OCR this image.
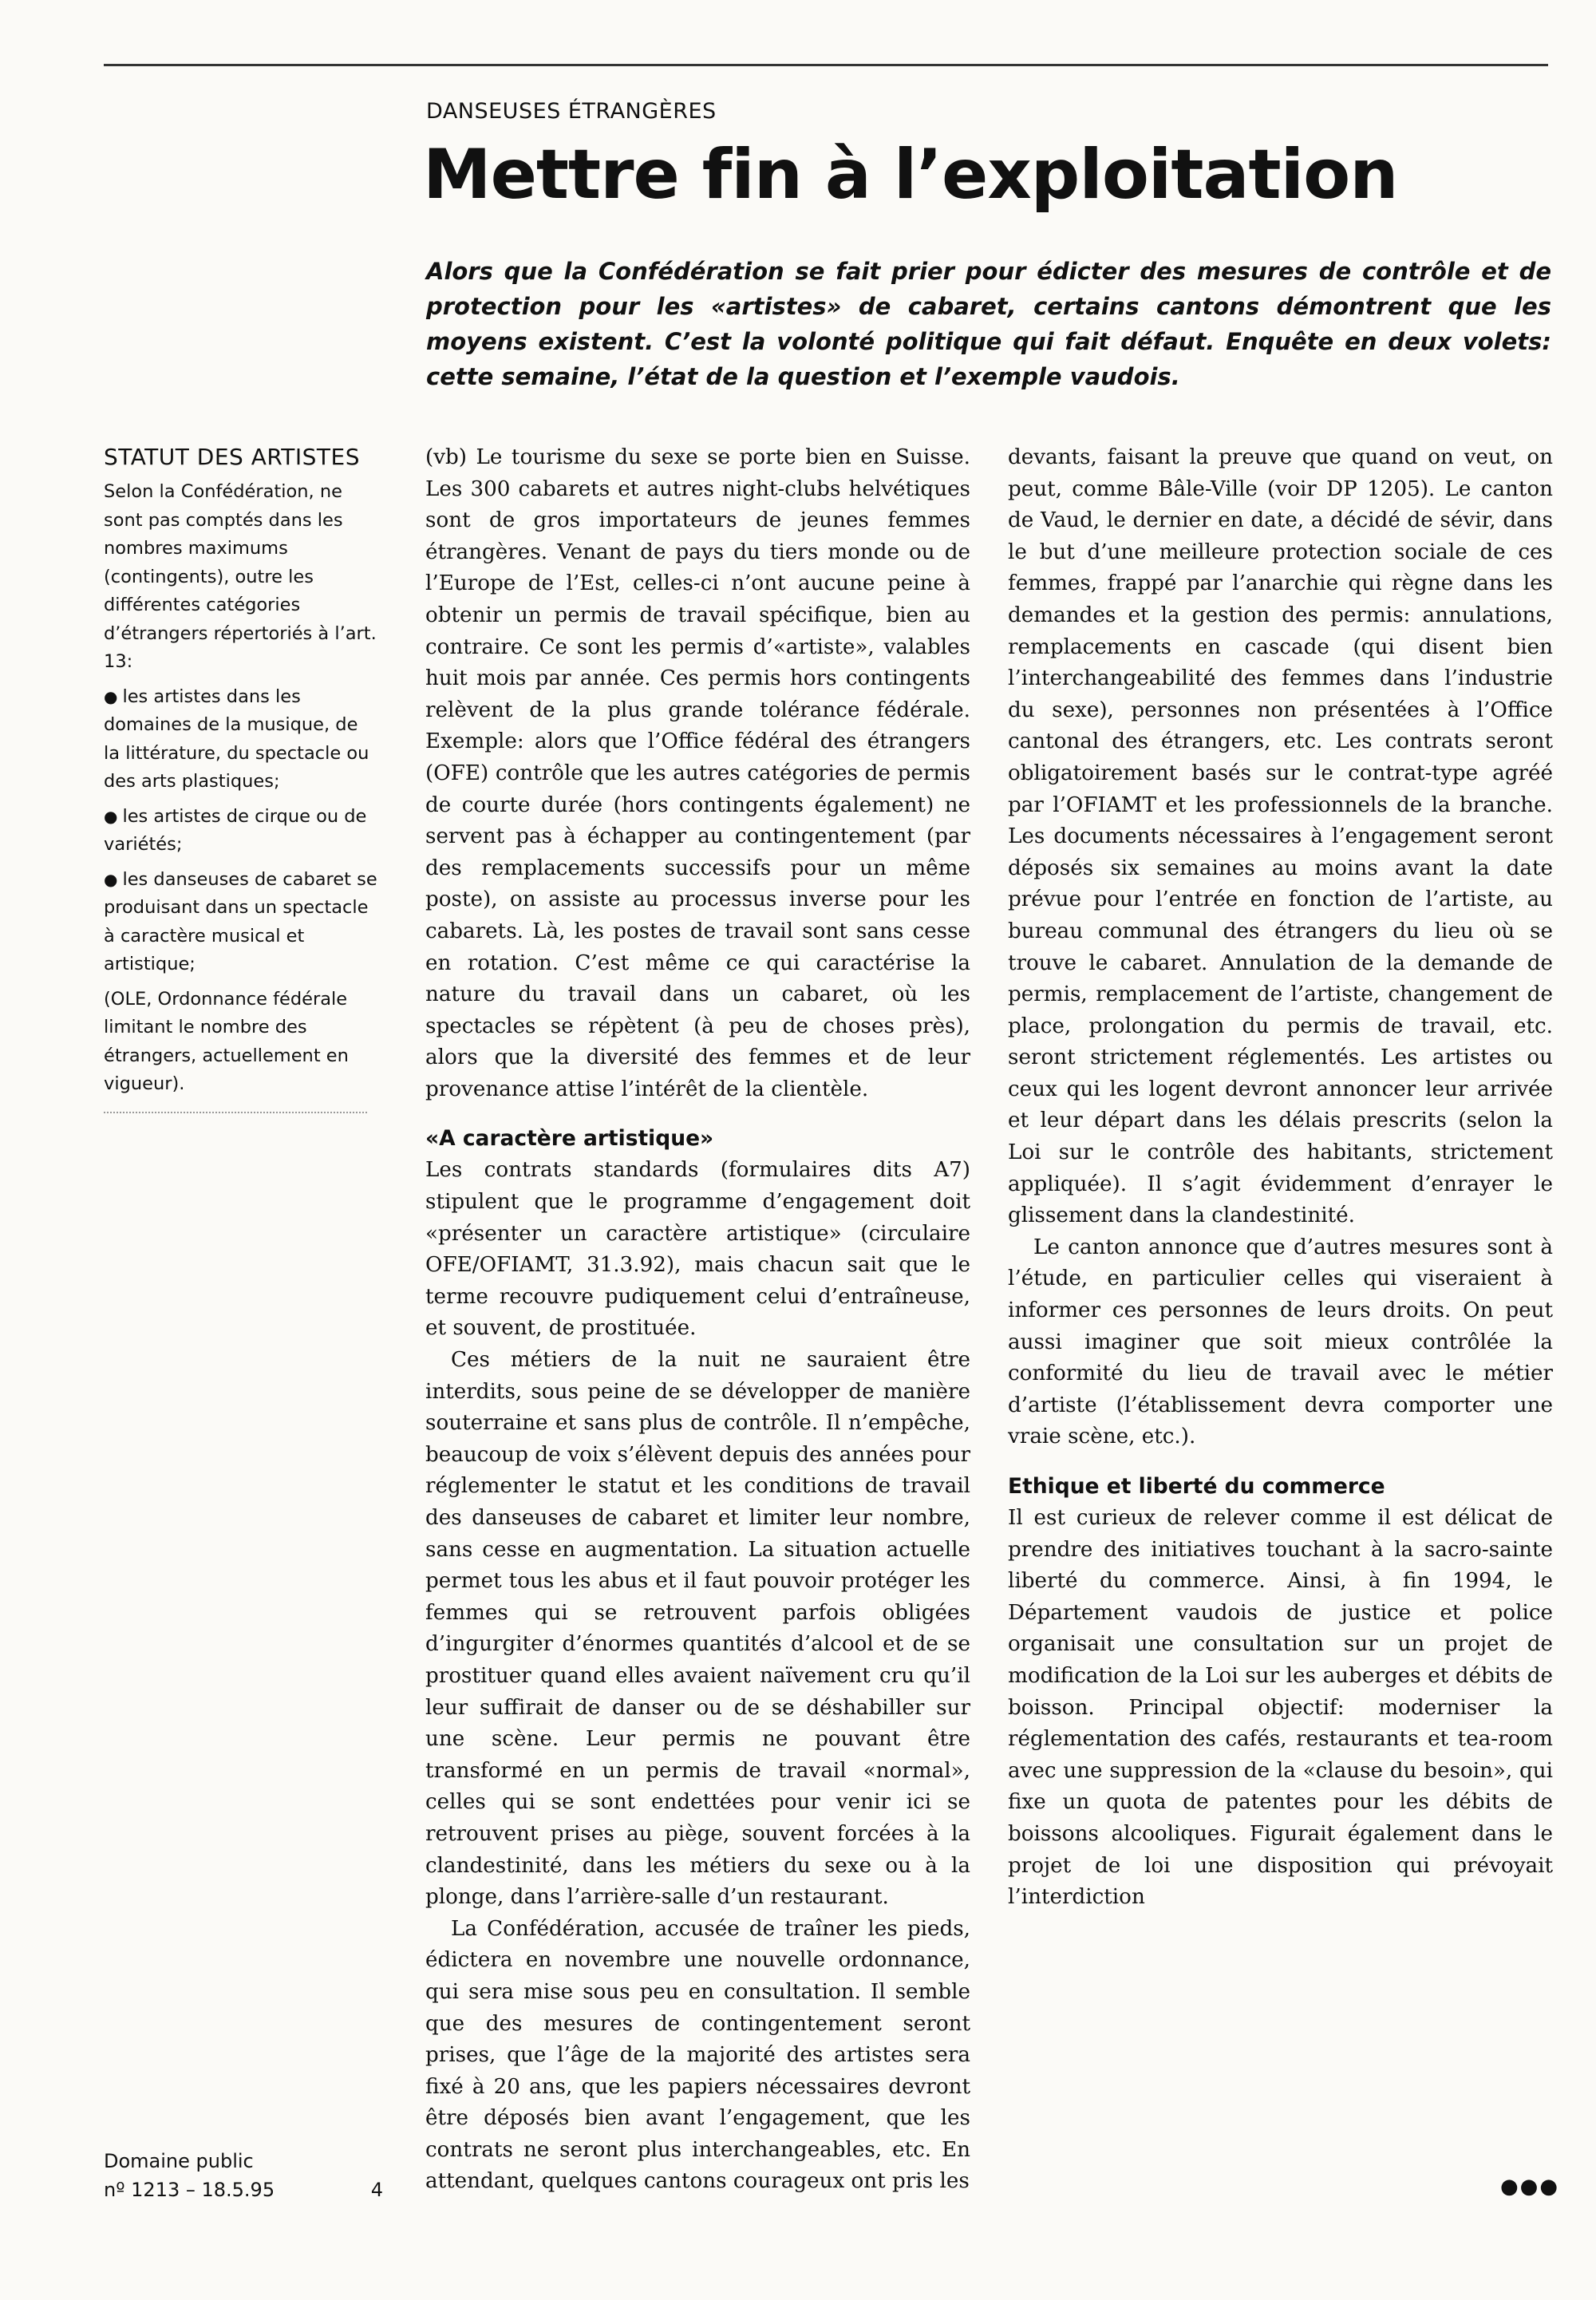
DANSEUSES ÉTRANGÈRES
Mettre fin à l’exploitation

Alors que la Confédération se fait prier pour édicter des mesures de contrôle et de protection pour les «artistes» de cabaret, certains cantons démontrent que les moyens existent. C’est la volonté politique qui fait défaut. Enquête en deux volets: cette semaine, l’état de la question et l’exemple vaudois.

STATUT DES ARTISTES

Selon la Confédération, ne sont pas comptés dans les nombres maximums (contingents), outre les différentes catégories d’étrangers répertoriés à l’art. 13:

● les artistes dans les domaines de la musique, de la littérature, du spectacle ou des arts plastiques;
● les artistes de cirque ou de variétés;
● les danseuses de cabaret se produisant dans un spectacle à caractère musical et artistique;

(OLE, Ordonnance fédérale limitant le nombre des étrangers, actuellement en vigueur).

Domaine public
nº 1213 – 18.5.95	4

(vb) Le tourisme du sexe se porte bien en Suisse. Les 300 cabarets et autres night-clubs helvétiques sont de gros importateurs de jeunes femmes étrangères. Venant de pays du tiers monde ou de l’Europe de l’Est, celles-ci n’ont aucune peine à obtenir un permis de travail spécifique, bien au contraire. Ce sont les permis d’«artiste», valables huit mois par année. Ces permis hors contingents relèvent de la plus grande tolérance fédérale. Exemple: alors que l’Office fédéral des étrangers (OFE) contrôle que les autres catégories de permis de courte durée (hors contingents également) ne servent pas à échapper au contingentement (par des remplacements successifs pour un même poste), on assiste au processus inverse pour les cabarets. Là, les postes de travail sont sans cesse en rotation. C’est même ce qui caractérise la nature du travail dans un cabaret, où les spectacles se répètent (à peu de choses près), alors que la diversité des femmes et de leur provenance attise l’intérêt de la clientèle.

«A caractère artistique»

Les contrats standards (formulaires dits A7) stipulent que le programme d’engagement doit «présenter un caractère artistique» (circulaire OFE/OFIAMT, 31.3.92), mais chacun sait que le terme recouvre pudiquement celui d’entraîneuse, et souvent, de prostituée.

Ces métiers de la nuit ne sauraient être interdits, sous peine de se développer de manière souterraine et sans plus de contrôle. Il n’empêche, beaucoup de voix s’élèvent depuis des années pour réglementer le statut et les conditions de travail des danseuses de cabaret et limiter leur nombre, sans cesse en augmentation. La situation actuelle permet tous les abus et il faut pouvoir protéger les femmes qui se retrouvent parfois obligées d’ingurgiter d’énormes quantités d’alcool et de se prostituer quand elles avaient naïvement cru qu’il leur suffirait de danser ou de se déshabiller sur une scène. Leur permis ne pouvant être transformé en un permis de travail «normal», celles qui se sont endettées pour venir ici se retrouvent prises au piège, souvent forcées à la clandestinité, dans les métiers du sexe ou à la plonge, dans l’arrière-salle d’un restaurant.

La Confédération, accusée de traîner les pieds, édictera en novembre une nouvelle ordonnance, qui sera mise sous peu en consultation. Il semble que des mesures de contingentement seront prises, que l’âge de la majorité des artistes sera fixé à 20 ans, que les papiers nécessaires devront être déposés bien avant l’engagement, que les contrats ne seront plus interchangeables, etc. En attendant, quelques cantons courageux ont pris les

devants, faisant la preuve que quand on veut, on peut, comme Bâle-Ville (voir DP 1205). Le canton de Vaud, le dernier en date, a décidé de sévir, dans le but d’une meilleure protection sociale de ces femmes, frappé par l’anarchie qui règne dans les demandes et la gestion des permis: annulations, remplacements en cascade (qui disent bien l’interchangeabilité des femmes dans l’industrie du sexe), personnes non présentées à l’Office cantonal des étrangers, etc. Les contrats seront obligatoirement basés sur le contrat-type agréé par l’OFIAMT et les professionnels de la branche. Les documents nécessaires à l’engagement seront déposés six semaines au moins avant la date prévue pour l’entrée en fonction de l’artiste, au bureau communal des étrangers du lieu où se trouve le cabaret. Annulation de la demande de permis, remplacement de l’artiste, changement de place, prolongation du permis de travail, etc. seront strictement réglementés. Les artistes ou ceux qui les logent devront annoncer leur arrivée et leur départ dans les délais prescrits (selon la Loi sur le contrôle des habitants, strictement appliquée). Il s’agit évidemment d’enrayer le glissement dans la clandestinité.

Le canton annonce que d’autres mesures sont à l’étude, en particulier celles qui viseraient à informer ces personnes de leurs droits. On peut aussi imaginer que soit mieux contrôlée la conformité du lieu de travail avec le métier d’artiste (l’établissement devra comporter une vraie scène, etc.).

Ethique et liberté du commerce

Il est curieux de relever comme il est délicat de prendre des initiatives touchant à la sacro-sainte liberté du commerce. Ainsi, à fin 1994, le Département vaudois de justice et police organisait une consultation sur un projet de modification de la Loi sur les auberges et débits de boisson. Principal objectif: moderniser la réglementation des cafés, restaurants et tea-room avec une suppression de la «clause du besoin», qui fixe un quota de patentes pour les débits de boissons alcooliques. Figurait également dans le projet de loi une disposition qui prévoyait l’interdiction

●●●
